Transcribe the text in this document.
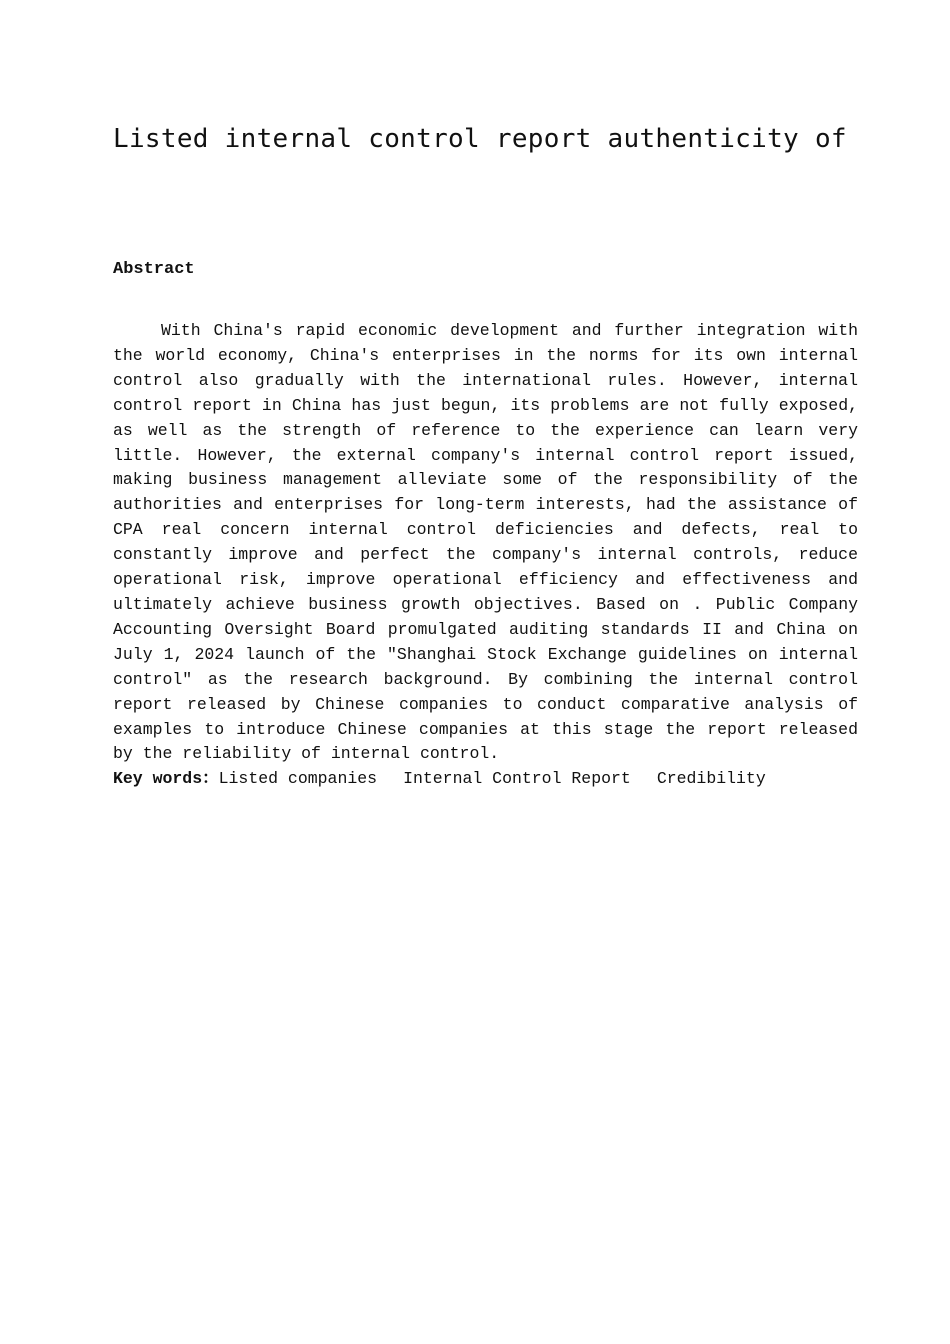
Listed internal control report authenticity of
Abstract

With China's rapid economic development and further integration with the world economy, China's enterprises in the norms for its own internal control also gradually with the international rules. However, internal control report in China has just begun, its problems are not fully exposed, as well as the strength of reference to the experience can learn very little. However, the external company's internal control report issued, making business management alleviate some of the responsibility of the authorities and enterprises for long-term interests, had the assistance of CPA real concern internal control deficiencies and defects, real to constantly improve and perfect the company's internal controls, reduce operational risk, improve operational efficiency and effectiveness and ultimately achieve business growth objectives. Based on . Public Company Accounting Oversight Board promulgated auditing standards II and China on July 1, 2024 launch of the "Shanghai Stock Exchange guidelines on internal control" as the research background. By combining the internal control report released by Chinese companies to conduct comparative analysis of examples to introduce Chinese companies at this stage the report released by the reliability of internal control.

Key words：Listed companies Internal Control Report Credibility
